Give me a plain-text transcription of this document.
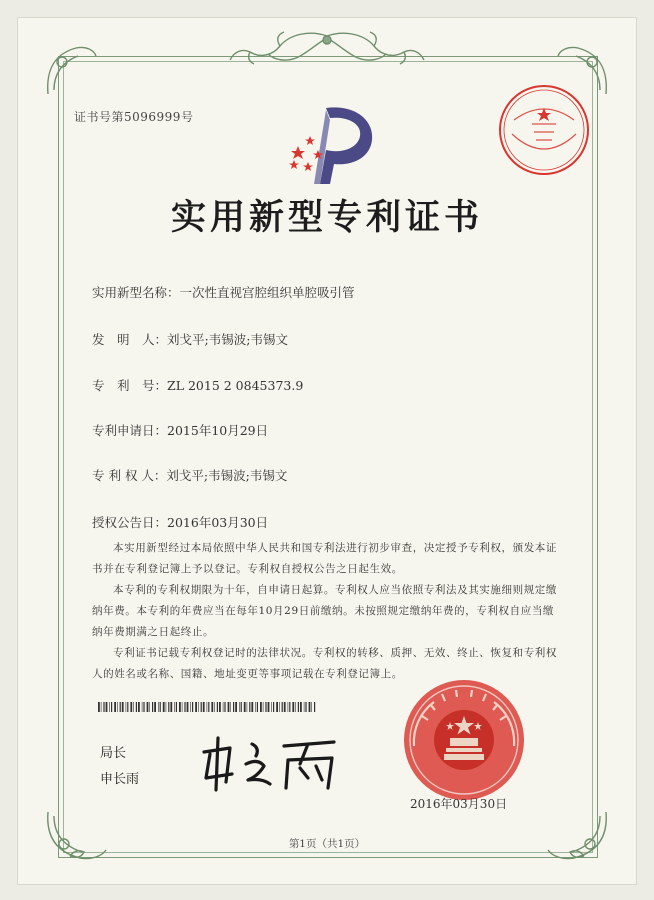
证书号第5096999号
实用新型专利证书
实用新型名称：一次性直视宫腔组织单腔吸引管
发　明　人：刘戈平;韦锡波;韦锡文
专　利　号：ZL 2015 2 0845373.9
专利申请日：2015年10月29日
专 利 权 人：刘戈平;韦锡波;韦锡文
授权公告日：2016年03月30日

本实用新型经过本局依照中华人民共和国专利法进行初步审查，决定授予专利权，颁发本证书并在专利登记簿上予以登记。专利权自授权公告之日起生效。

本专利的专利权期限为十年，自申请日起算。专利权人应当依照专利法及其实施细则规定缴纳年费。本专利的年费应当在每年10月29日前缴纳。未按照规定缴纳年费的，专利权自应当缴纳年费期满之日起终止。

专利证书记载专利权登记时的法律状况。专利权的转移、质押、无效、终止、恢复和专利权人的姓名或名称、国籍、地址变更等事项记载在专利登记簿上。

局长
申长雨
2016年03月30日
第1页（共1页）
